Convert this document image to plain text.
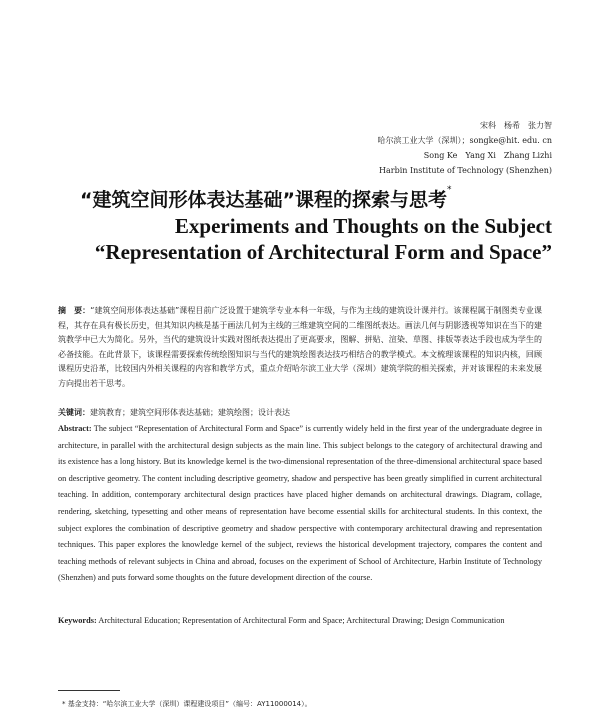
宋科　杨希　张力智
哈尔滨工业大学（深圳）；songke@hit. edu. cn
Song Ke　Yang Xi　Zhang Lizhi
Harbin Institute of Technology (Shenzhen)
“建筑空间形体表达基础”课程的探索与思考*
Experiments and Thoughts on the Subject
“Representation of Architectural Form and Space”
摘　要：“建筑空间形体表达基础”课程目前广泛设置于建筑学专业本科一年级，与作为主线的建筑设计课并行。该课程属于制图类专业课程，其存在具有极长历史，但其知识内核是基于画法几何为主线的三维建筑空间的二维图纸表达。画法几何与阴影透视等知识在当下的建筑教学中已大为简化。另外，当代的建筑设计实践对图纸表达提出了更高要求，图解、拼贴、渲染、草图、排版等表达手段也成为学生的必备技能。在此背景下，该课程需要探索传统绘图知识与当代的建筑绘图表达技巧相结合的教学模式。本文梳理该课程的知识内核，回顾课程历史沿革，比较国内外相关课程的内容和教学方式，重点介绍哈尔滨工业大学（深圳）建筑学院的相关探索，并对该课程的未来发展方向提出若干思考。
关键词：建筑教育；建筑空间形体表达基础；建筑绘图；设计表达
Abstract: The subject “Representation of Architectural Form and Space” is currently widely held in the first year of the undergraduate degree in architecture, in parallel with the architectural design subjects as the main line. This subject belongs to the category of architectural drawing and its existence has a long history. But its knowledge kernel is the two-dimensional representation of the three-dimensional architectural space based on descriptive geometry. The content including descriptive geometry, shadow and perspective has been greatly simplified in current architectural teaching. In addition, contemporary architectural design practices have placed higher demands on architectural drawings. Diagram, collage, rendering, sketching, typesetting and other means of representation have become essential skills for architectural students. In this context, the subject explores the combination of descriptive geometry and shadow perspective with contemporary architectural drawing and representation techniques. This paper explores the knowledge kernel of the subject, reviews the historical development trajectory, compares the content and teaching methods of relevant subjects in China and abroad, focuses on the experiment of School of Architecture, Harbin Institute of Technology (Shenzhen) and puts forward some thoughts on the future development direction of the course.
Keywords: Architectural Education; Representation of Architectural Form and Space; Architectural Drawing; Design Communication
* 基金支持：“哈尔滨工业大学（深圳）课程建设项目”（编号：AY11000014）。
